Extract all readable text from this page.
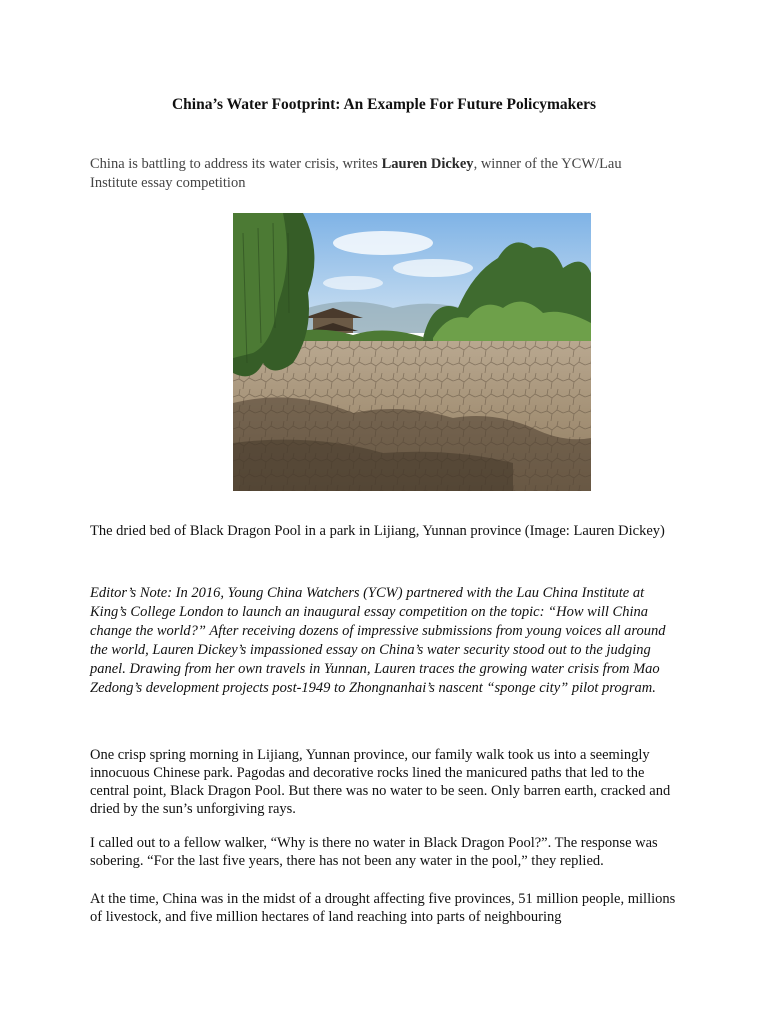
China’s Water Footprint: An Example For Future Policymakers
China is battling to address its water crisis, writes Lauren Dickey, winner of the YCW/Lau Institute essay competition
The dried bed of Black Dragon Pool in a park in Lijiang, Yunnan province (Image: Lauren Dickey)
Editor’s Note: In 2016, Young China Watchers (YCW) partnered with the Lau China Institute at King’s College London to launch an inaugural essay competition on the topic: “How will China change the world?” After receiving dozens of impressive submissions from young voices all around the world, Lauren Dickey’s impassioned essay on China’s water security stood out to the judging panel. Drawing from her own travels in Yunnan, Lauren traces the growing water crisis from Mao Zedong’s development projects post-1949 to Zhongnanhai’s nascent “sponge city” pilot program.
One crisp spring morning in Lijiang, Yunnan province, our family walk took us into a seemingly innocuous Chinese park. Pagodas and decorative rocks lined the manicured paths that led to the central point, Black Dragon Pool. But there was no water to be seen. Only barren earth, cracked and dried by the sun’s unforgiving rays.
I called out to a fellow walker, “Why is there no water in Black Dragon Pool?”. The response was sobering. “For the last five years, there has not been any water in the pool,” they replied.
At the time, China was in the midst of a drought affecting five provinces, 51 million people, millions of livestock, and five million hectares of land reaching into parts of neighbouring
